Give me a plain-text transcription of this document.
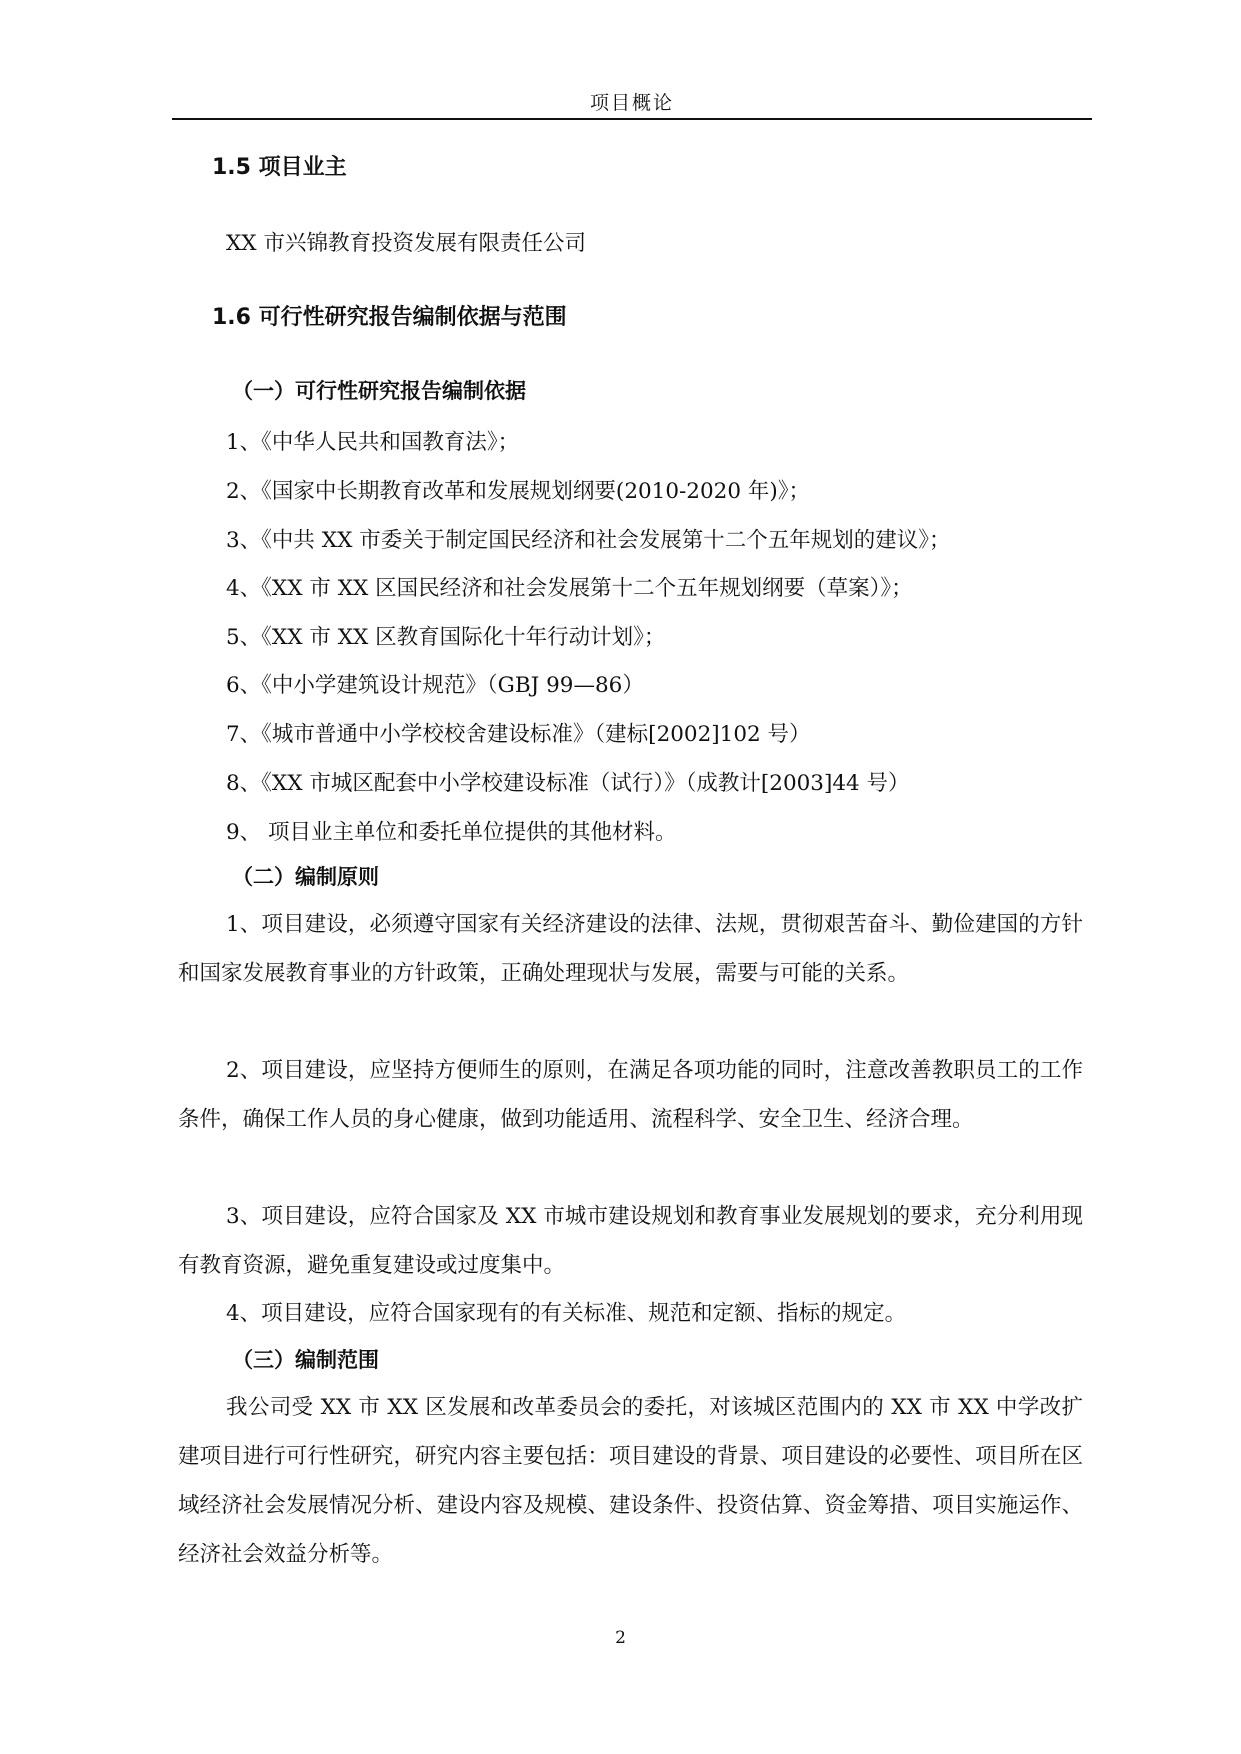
项目概论
1.5 项目业主
XX 市兴锦教育投资发展有限责任公司
1.6 可行性研究报告编制依据与范围
（一）可行性研究报告编制依据
1、《中华人民共和国教育法》；
2、《国家中长期教育改革和发展规划纲要(2010-2020 年)》；
3、《中共 XX 市委关于制定国民经济和社会发展第十二个五年规划的建议》；
4、《XX 市 XX 区国民经济和社会发展第十二个五年规划纲要（草案）》；
5、《XX 市 XX 区教育国际化十年行动计划》；
6、《中小学建筑设计规范》（GBJ 99—86）
7、《城市普通中小学校校舍建设标准》（建标[2002]102 号）
8、《XX 市城区配套中小学校建设标准（试行）》（成教计[2003]44 号）
9、 项目业主单位和委托单位提供的其他材料。
（二）编制原则
1、项目建设，必须遵守国家有关经济建设的法律、法规，贯彻艰苦奋斗、勤俭建国的方针和国家发展教育事业的方针政策，正确处理现状与发展，需要与可能的关系。
2、项目建设，应坚持方便师生的原则，在满足各项功能的同时，注意改善教职员工的工作条件，确保工作人员的身心健康，做到功能适用、流程科学、安全卫生、经济合理。
3、项目建设，应符合国家及 XX 市城市建设规划和教育事业发展规划的要求，充分利用现有教育资源，避免重复建设或过度集中。
4、项目建设，应符合国家现有的有关标准、规范和定额、指标的规定。
（三）编制范围
我公司受 XX 市 XX 区发展和改革委员会的委托，对该城区范围内的 XX 市 XX 中学改扩建项目进行可行性研究，研究内容主要包括：项目建设的背景、项目建设的必要性、项目所在区域经济社会发展情况分析、建设内容及规模、建设条件、投资估算、资金筹措、项目实施运作、经济社会效益分析等。
2
